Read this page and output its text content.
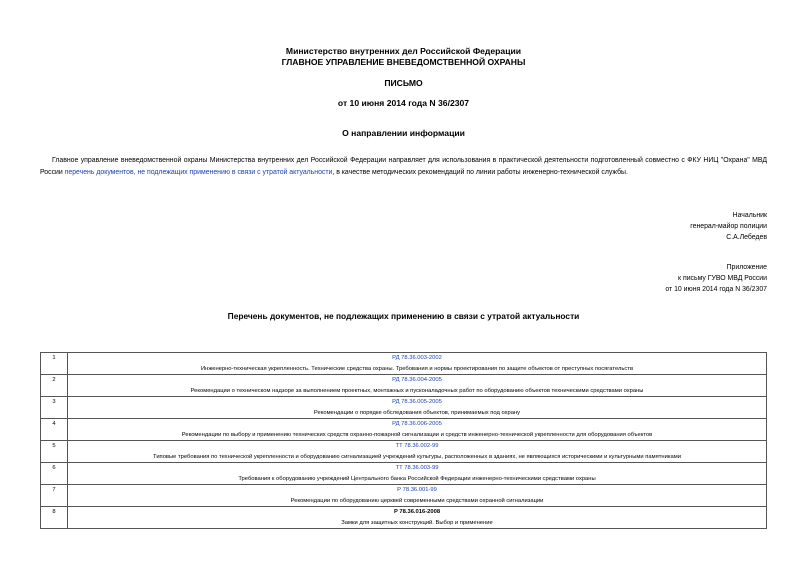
Министерство внутренних дел Российской Федерации
ГЛАВНОЕ УПРАВЛЕНИЕ ВНЕВЕДОМСТВЕННОЙ ОХРАНЫ
ПИСЬМО
от 10 июня 2014 года N 36/2307
О направлении информации
Главное управление вневедомственной охраны Министерства внутренних дел Российской Федерации направляет для использования в практической деятельности подготовленный совместно с ФКУ НИЦ "Охрана" МВД России перечень документов, не подлежащих применению в связи с утратой актуальности, в качестве методических рекомендаций по линии работы инженерно-технической службы.
Начальник
генерал-майор полиции
С.А.Лебедев
Приложение
к письму ГУВО МВД России
от 10 июня 2014 года N 36/2307
Перечень документов, не подлежащих применению в связи с утратой актуальности
1	РД 78.36.003-2002
Инженерно-техническая укрепленность. Технические средства охраны. Требования и нормы проектирования по защите объектов от преступных посягательств

2	РД 78.36.004-2005
Рекомендации о техническом надзоре за выполнением проектных, монтажных и пусконаладочных работ по оборудованию объектов техническими средствами охраны

3	РД 78.36.005-2005
Рекомендации о порядке обследования объектов, принимаемых под охрану

4	РД 78.36.006-2005
Рекомендации по выбору и применению технических средств охранно-пожарной сигнализации и средств инженерно-технической укрепленности для оборудования объектов

5	ТТ 78.36.002-99
Типовые требования по технической укрепленности и оборудованию сигнализацией учреждений культуры, расположенных в зданиях, не являющихся историческими и культурными памятниками

6	ТТ 78.36.003-99
Требования к оборудованию учреждений Центрального банка Российской Федерации инженерно-техническими средствами охраны

7	Р 78.36.001-99
Рекомендации по оборудованию церквей современными средствами охранной сигнализации

8	Р 78.36.016-2008
Замки для защитных конструкций. Выбор и применение
